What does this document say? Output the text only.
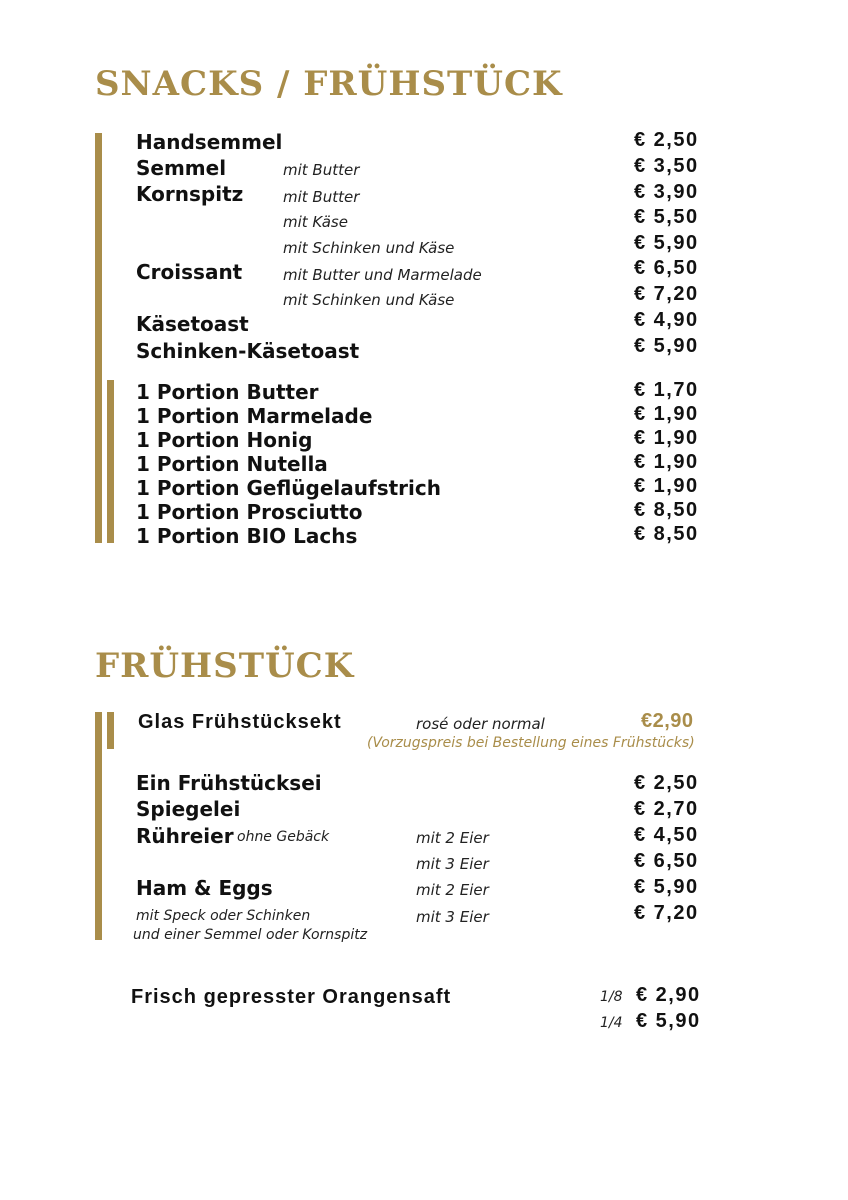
SNACKS / FRÜHSTÜCK
Handsemmel	€ 2,50
Semmel	mit Butter	€ 3,50
Kornspitz	mit Butter	€ 3,90
mit Käse	€ 5,50
mit Schinken und Käse	€ 5,90
Croissant	mit Butter und Marmelade	€ 6,50
mit Schinken und Käse	€ 7,20
Käsetoast	€ 4,90
Schinken-Käsetoast	€ 5,90
1 Portion Butter	€ 1,70
1 Portion Marmelade	€ 1,90
1 Portion Honig	€ 1,90
1 Portion Nutella	€ 1,90
1 Portion Geflügelaufstrich	€ 1,90
1 Portion Prosciutto	€ 8,50
1 Portion BIO Lachs	€ 8,50
FRÜHSTÜCK
Glas Frühstücksekt	rosé oder normal	€2,90
(Vorzugspreis bei Bestellung eines Frühstücks)
Ein Frühstücksei	€ 2,50
Spiegelei	€ 2,70
Rühreier ohne Gebäck	mit 2 Eier	€ 4,50
mit 3 Eier	€ 6,50
Ham & Eggs	mit 2 Eier	€ 5,90
mit Speck oder Schinken	mit 3 Eier	€ 7,20
und einer Semmel oder Kornspitz
Frisch gepresster Orangensaft	1/8 € 2,90
1/4 € 5,90
